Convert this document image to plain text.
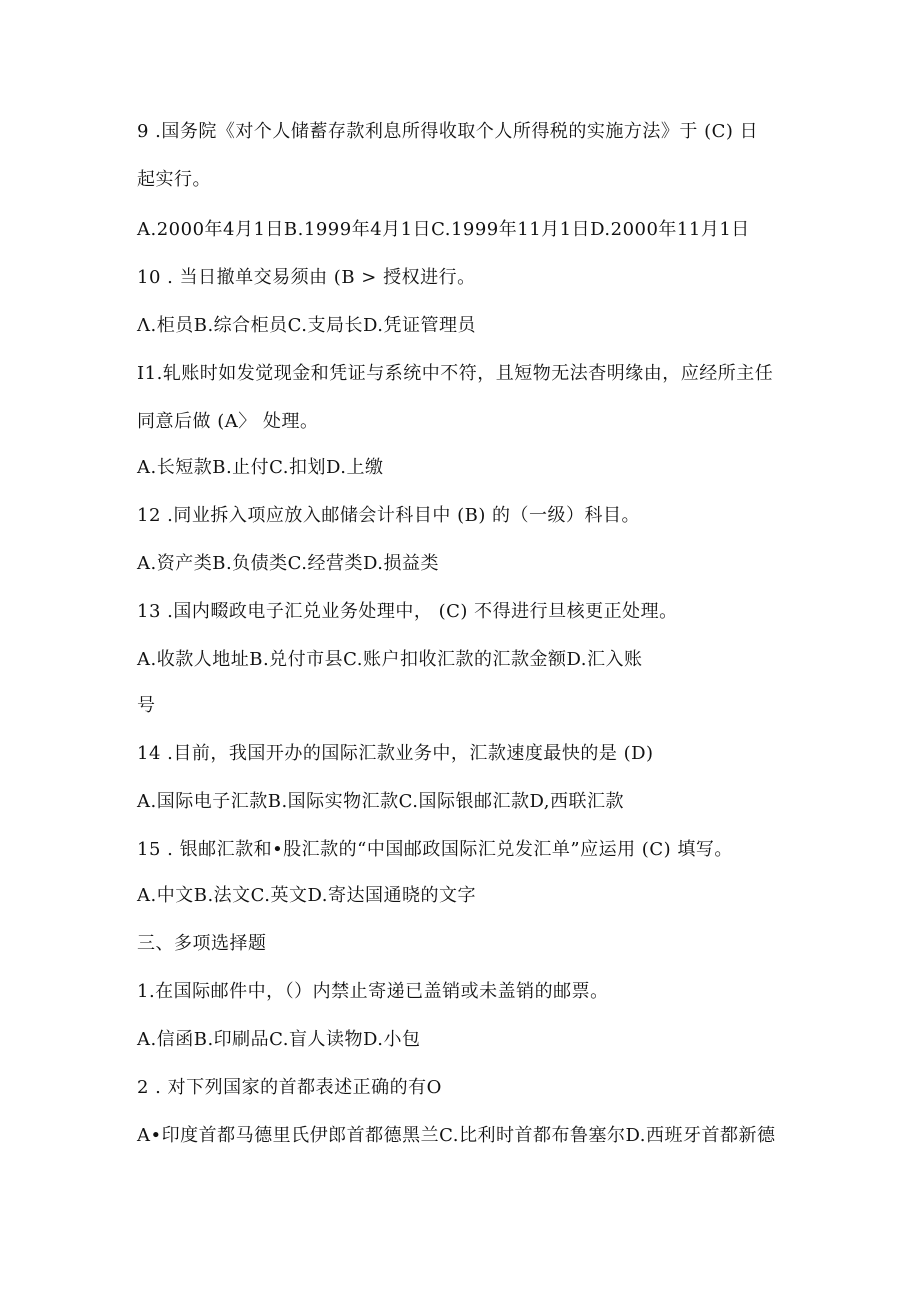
9 .国务院《对个人储蓄存款利息所得收取个人所得税的实施方法》于 (C) 日
起实行。
A.2000年4月1日B.1999年4月1日C.1999年11月1日D.2000年11月1日
10 . 当日撤单交易须由 (B > 授权进行。
Λ.柜员B.综合柜员C.支局长D.凭证管理员
I1.轧账时如发觉现金和凭证与系统中不符，且短物无法杳明缘由，应经所主任
同意后做 (A〉 处理。
A.长短款B.止付C.扣划D.上缴
12 .同业拆入项应放入邮储会计科目中 (B) 的（一级）科目。
A.资产类B.负债类C.经营类D.损益类
13 .国内畷政电子汇兑业务处理中， (C) 不得进行旦核更正处理。
A.收款人地址B.兑付市县C.账户扣收汇款的汇款金额D.汇入账
号
14 .目前，我国开办的国际汇款业务中，汇款速度最快的是 (D)
A.国际电子汇款B.国际实物汇款C.国际银邮汇款D,西联汇款
15 . 银邮汇款和•股汇款的“中国邮政国际汇兑发汇单”应运用 (C) 填写。
A.中文B.法文C.英文D.寄达国通晓的文字
三、多项选择题
1.在国际邮件中，（）内禁止寄递已盖销或未盖销的邮票。
A.信函B.印刷品C.盲人读物D.小包
2 . 对下列国家的首都表述正确的有O
A•印度首都马德里氏伊郎首都德黑兰C.比利时首都布鲁塞尔D.西班牙首都新德
